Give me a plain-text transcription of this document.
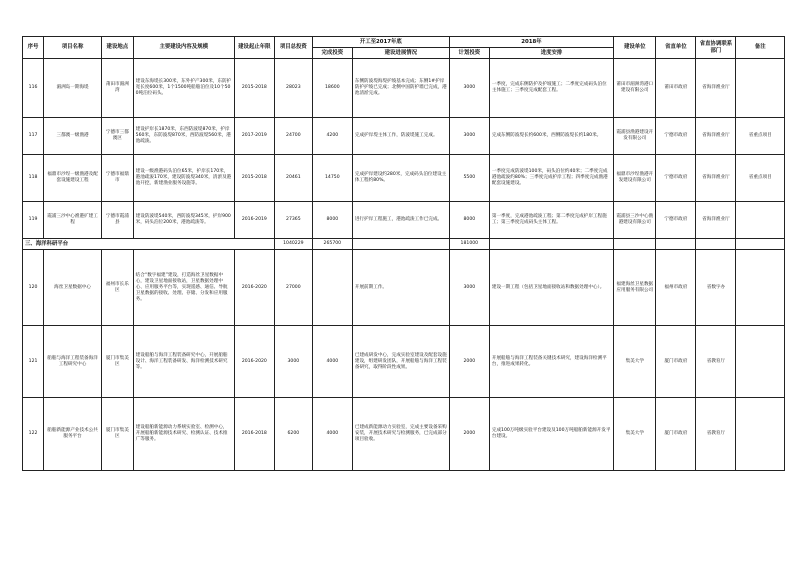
序号	项目名称	建设地点	主要建设内容及规模	建设起止年限	项目总投资	开工至2017年底		2018年		建设单位	省直单位	省直协调联系部门	备注
						完成投资	建设进展情况	计划投资	进度安排				
116	湄洲岛一期海堤	莆田市湄洲湾	建设东海堤长300米，东外护产300米，东防护宽长度600米，1个1500吨船舶泊位及10个500吨泊位码头。	2015-2018	28023	18600	东侧防波堤海堤护坡基本完成；东侧1#护岸防护护坡已完成；北侧中国防护墙已完成，港池清淤完成。	3000	一季度，完成东侧防护及护坡施工；二季度完成码头泊位主体施工；三季度完成配套工程。	莆田市湄洲湾港口建设有限公司	莆田市政府	省海洋渔业厅	
117	三都澳一级渔港	宁德市三都澳区	建设护岸长1870米，东西防波堤870米，护岸560米，东防波堤870米，西防波堤560米，港池疏浚。	2017-2019	24700	4200	完成护岸堤主体工作，防波堤施工完成。	3000	完成东侧防波堤长约600米，西侧防波堤长约180米。	霞浦县渔港建设开发有限公司	宁德市政府	省海洋渔业厅	省重点项目
118	福鼎市沙埕一级渔港及配套设施建设工程	宁德市福鼎市	建设一级渔港码头泊位65米，护岸长170米，港池疏浚170米，建设防波堤340米，清淤及港池开挖，新建渔业服务设施等。	2015-2018	20461	14750	完成护岸建设约280米，完成码头泊位建设主体工程约80%。	5500	一季度完成防波堤100米，码头泊位约40米；二季度完成港池疏浚约80%；三季度完成护岸工程；四季度完成渔港配套设施建设。	福鼎市沙埕渔港开发建设有限公司	宁德市政府	省海洋渔业厅	省重点项目
119	霞浦三沙中心渔港扩建工程	宁德市霞浦县	建设防波堤540米，西防波堤345米，护岸900米，码头泊位200米，港池疏浚等。	2016-2019	27365	8000	进行护岸工程施工，港池疏浚工作已完成。	8000	第一季度，完成港池疏浚工程；第二季度完成护岸工程施工；第三季度完成码头主体工程。	霞浦县三沙中心渔港建设有限公司	宁德市政府	省海洋渔业厅	
三、海洋科研平台					1040229	265700		181000					
120	海丝卫星数据中心	福州市长乐区	结合“数字福建”建设，打造海丝卫星数据中心，建设卫星地面接收站，卫星数据处理中心、应用服务平台等，实现遥感、通信、导航卫星数据的接收、处理、存储、分发和应用服务。	2016-2020	27000		开展前期工作。	3000	建设一期工程（包括卫星地面接收站和数据处理中心）。	福建海丝卫星数据应用服务有限公司	福州市政府	省数字办	
121	船舶与海洋工程装备海洋工程研究中心	厦门市集美区	建设船舶与海洋工程装备研究中心，开展船舶设计、海洋工程装备研发、海洋检测技术研究等。	2016-2020	3000	4000	已建成研发中心，完成实验室建设及配套设施建设，组建研发团队，开展船舶与海洋工程装备研究，取得阶段性成果。	2000	开展船舶与海洋工程装备关键技术研究，建设海洋检测平台，推进成果转化。	集美大学	厦门市政府	省教育厅	
122	船舶新能源产业技术公共服务平台	厦门市集美区	建设船舶新能源动力系统实验室、检测中心，开展船舶新能源技术研究、检测认证、技术推广等服务。	2016-2018	6200	4000	已建成新能源动力实验室，完成主要设备采购安装，开展技术研究与检测服务，已完成部分项目验收。	2000	完成100万吨级实验平台建设及100万吨船舶新能源开发平台建设。	集美大学	厦门市政府	省教育厅	
